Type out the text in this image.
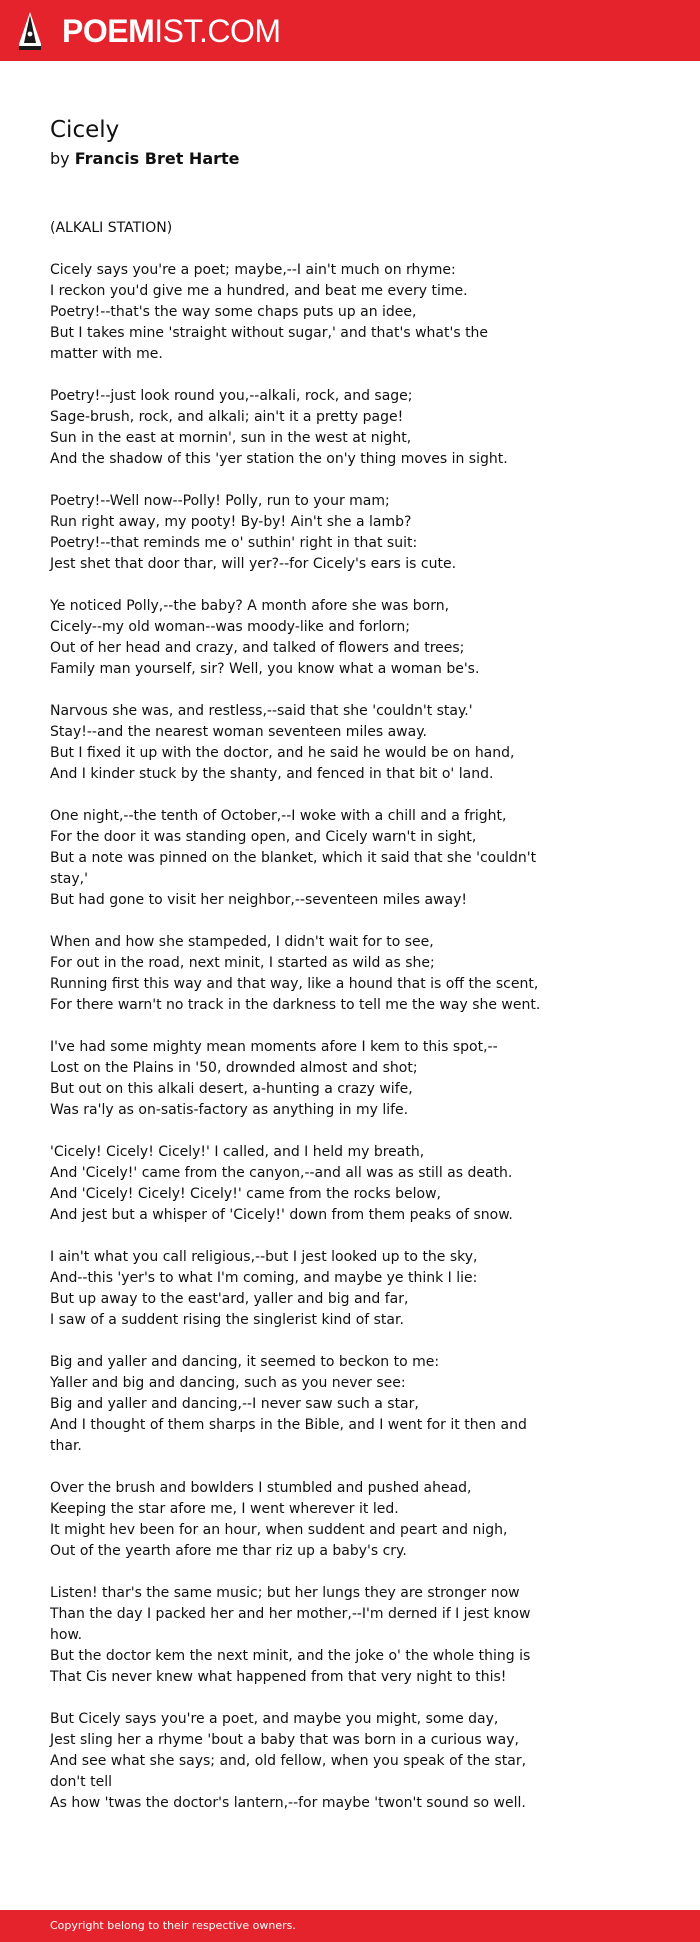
POEMIST.COM
Cicely
by Francis Bret Harte
(ALKALI STATION)
Cicely says you're a poet; maybe,--I ain't much on rhyme:
I reckon you'd give me a hundred, and beat me every time.
Poetry!--that's the way some chaps puts up an idee,
But I takes mine 'straight without sugar,' and that's what's the matter with me.
Poetry!--just look round you,--alkali, rock, and sage;
Sage-brush, rock, and alkali; ain't it a pretty page!
Sun in the east at mornin', sun in the west at night,
And the shadow of this 'yer station the on'y thing moves in sight.
Poetry!--Well now--Polly! Polly, run to your mam;
Run right away, my pooty! By-by! Ain't she a lamb?
Poetry!--that reminds me o' suthin' right in that suit:
Jest shet that door thar, will yer?--for Cicely's ears is cute.
Ye noticed Polly,--the baby? A month afore she was born,
Cicely--my old woman--was moody-like and forlorn;
Out of her head and crazy, and talked of flowers and trees;
Family man yourself, sir? Well, you know what a woman be's.
Narvous she was, and restless,--said that she 'couldn't stay.'
Stay!--and the nearest woman seventeen miles away.
But I fixed it up with the doctor, and he said he would be on hand,
And I kinder stuck by the shanty, and fenced in that bit o' land.
One night,--the tenth of October,--I woke with a chill and a fright,
For the door it was standing open, and Cicely warn't in sight,
But a note was pinned on the blanket, which it said that she 'couldn't stay,'
But had gone to visit her neighbor,--seventeen miles away!
When and how she stampeded, I didn't wait for to see,
For out in the road, next minit, I started as wild as she;
Running first this way and that way, like a hound that is off the scent,
For there warn't no track in the darkness to tell me the way she went.
I've had some mighty mean moments afore I kem to this spot,--
Lost on the Plains in '50, drownded almost and shot;
But out on this alkali desert, a-hunting a crazy wife,
Was ra'ly as on-satis-factory as anything in my life.
'Cicely! Cicely! Cicely!' I called, and I held my breath,
And 'Cicely!' came from the canyon,--and all was as still as death.
And 'Cicely! Cicely! Cicely!' came from the rocks below,
And jest but a whisper of 'Cicely!' down from them peaks of snow.
I ain't what you call religious,--but I jest looked up to the sky,
And--this 'yer's to what I'm coming, and maybe ye think I lie:
But up away to the east'ard, yaller and big and far,
I saw of a suddent rising the singlerist kind of star.
Big and yaller and dancing, it seemed to beckon to me:
Yaller and big and dancing, such as you never see:
Big and yaller and dancing,--I never saw such a star,
And I thought of them sharps in the Bible, and I went for it then and thar.
Over the brush and bowlders I stumbled and pushed ahead,
Keeping the star afore me, I went wherever it led.
It might hev been for an hour, when suddent and peart and nigh,
Out of the yearth afore me thar riz up a baby's cry.
Listen! thar's the same music; but her lungs they are stronger now
Than the day I packed her and her mother,--I'm derned if I jest know how.
But the doctor kem the next minit, and the joke o' the whole thing is
That Cis never knew what happened from that very night to this!
But Cicely says you're a poet, and maybe you might, some day,
Jest sling her a rhyme 'bout a baby that was born in a curious way,
And see what she says; and, old fellow, when you speak of the star, don't tell
As how 'twas the doctor's lantern,--for maybe 'twon't sound so well.
Copyright belong to their respective owners.
